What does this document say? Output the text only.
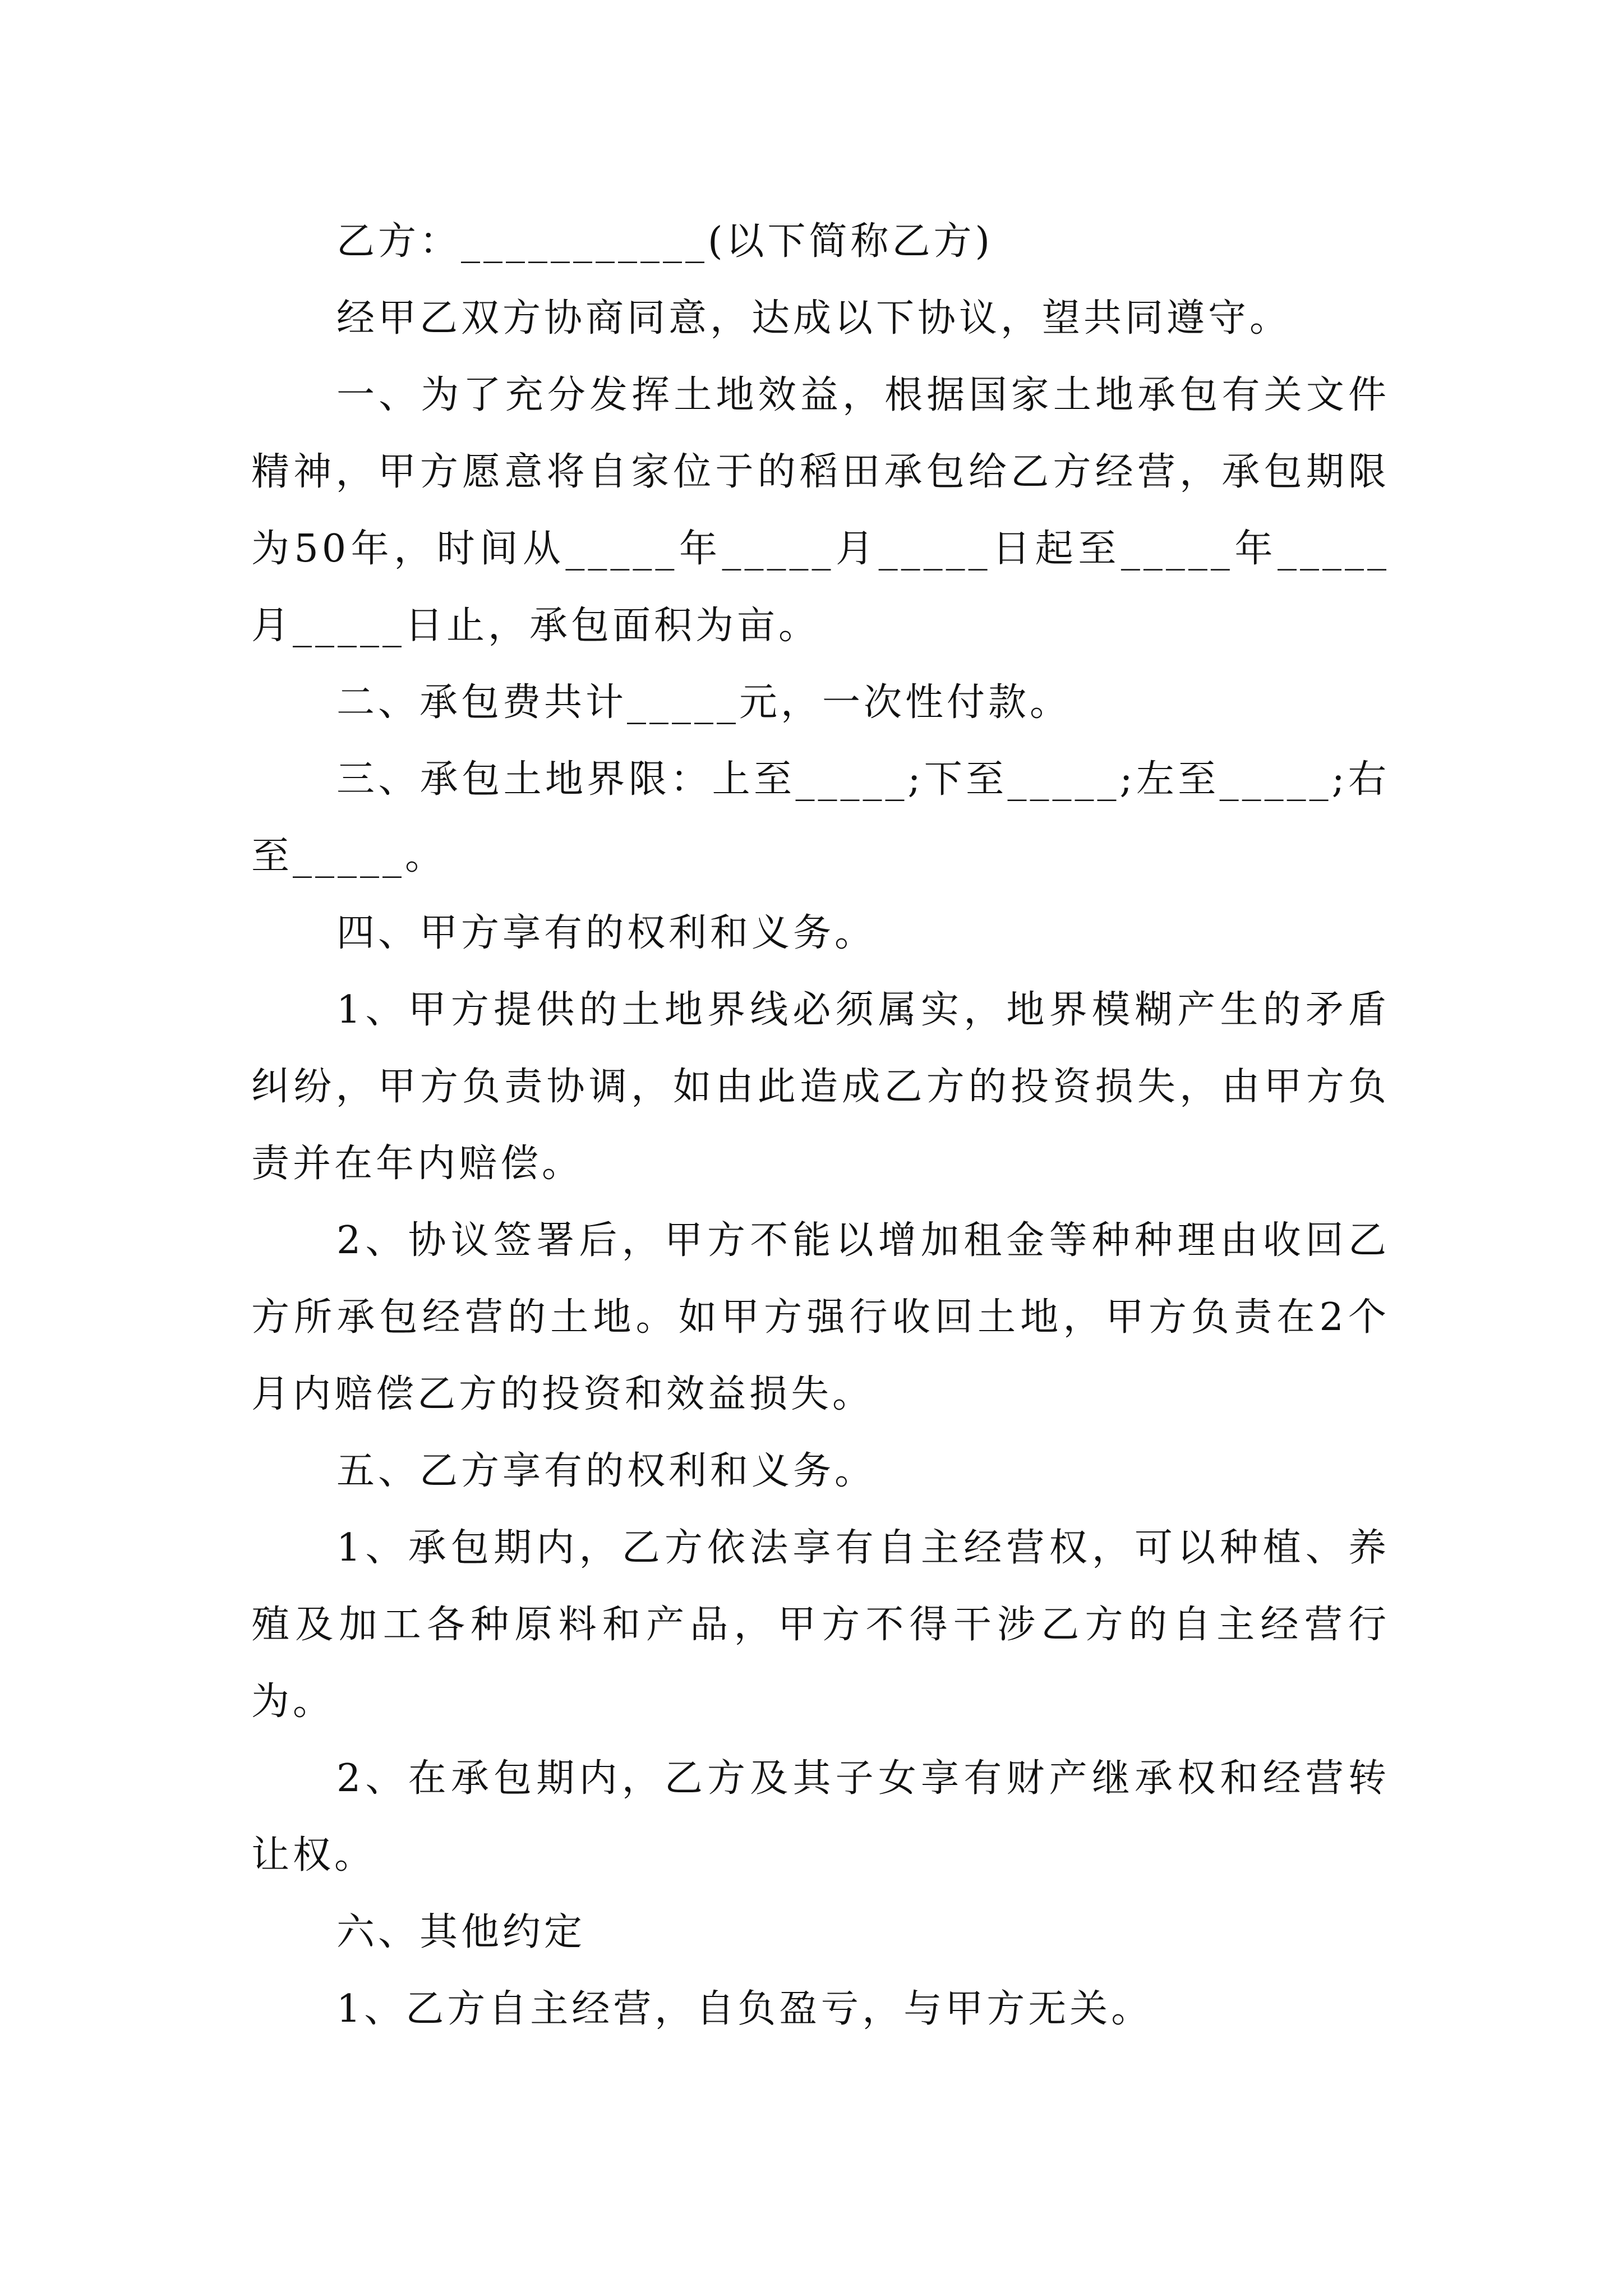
乙方：___________(以下简称乙方)

经甲乙双方协商同意，达成以下协议，望共同遵守。

一、为了充分发挥土地效益，根据国家土地承包有关文件精神，甲方愿意将自家位于的稻田承包给乙方经营，承包期限为50年，时间从_____年_____月_____日起至_____年_____月_____日止，承包面积为亩。

二、承包费共计_____元，一次性付款。

三、承包土地界限：上至_____;下至_____;左至_____;右至_____。

四、甲方享有的权利和义务。

1、甲方提供的土地界线必须属实，地界模糊产生的矛盾纠纷，甲方负责协调，如由此造成乙方的投资损失，由甲方负责并在年内赔偿。

2、协议签署后，甲方不能以增加租金等种种理由收回乙方所承包经营的土地。如甲方强行收回土地，甲方负责在2个月内赔偿乙方的投资和效益损失。

五、乙方享有的权利和义务。

1、承包期内，乙方依法享有自主经营权，可以种植、养殖及加工各种原料和产品，甲方不得干涉乙方的自主经营行为。

2、在承包期内，乙方及其子女享有财产继承权和经营转让权。

六、其他约定

1、乙方自主经营，自负盈亏，与甲方无关。
